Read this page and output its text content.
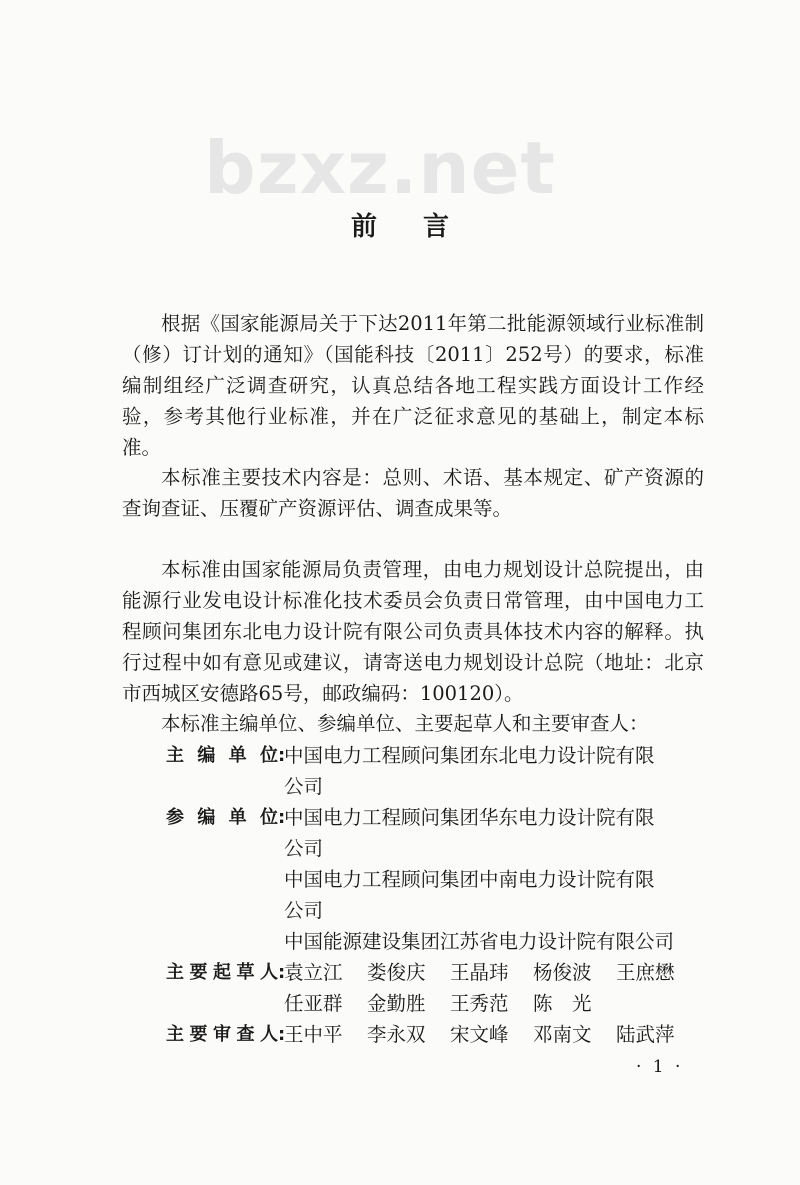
bzxz.net
前言
根据《国家能源局关于下达2011年第二批能源领域行业标准制（修）订计划的通知》（国能科技〔2011〕252号）的要求，标准编制组经广泛调查研究，认真总结各地工程实践方面设计工作经验，参考其他行业标准，并在广泛征求意见的基础上，制定本标准。
本标准主要技术内容是：总则、术语、基本规定、矿产资源的查询查证、压覆矿产资源评估、调查成果等。
本标准由国家能源局负责管理，由电力规划设计总院提出，由能源行业发电设计标准化技术委员会负责日常管理，由中国电力工程顾问集团东北电力设计院有限公司负责具体技术内容的解释。执行过程中如有意见或建议，请寄送电力规划设计总院（地址：北京市西城区安德路65号，邮政编码：100120）。
本标准主编单位、参编单位、主要起草人和主要审查人：
主编单位 :
中国电力工程顾问集团东北电力设计院有限
公司
参编单位 :
中国电力工程顾问集团华东电力设计院有限
公司
中国电力工程顾问集团中南电力设计院有限
公司
中国能源建设集团江苏省电力设计院有限公司
主要起草人 :
袁立江 娄俊庆 王晶玮 杨俊波 王庶懋
任亚群 金勤胜 王秀范 陈　光
主要审查人 :
王中平 李永双 宋文峰 邓南文 陆武萍
· 1 ·
